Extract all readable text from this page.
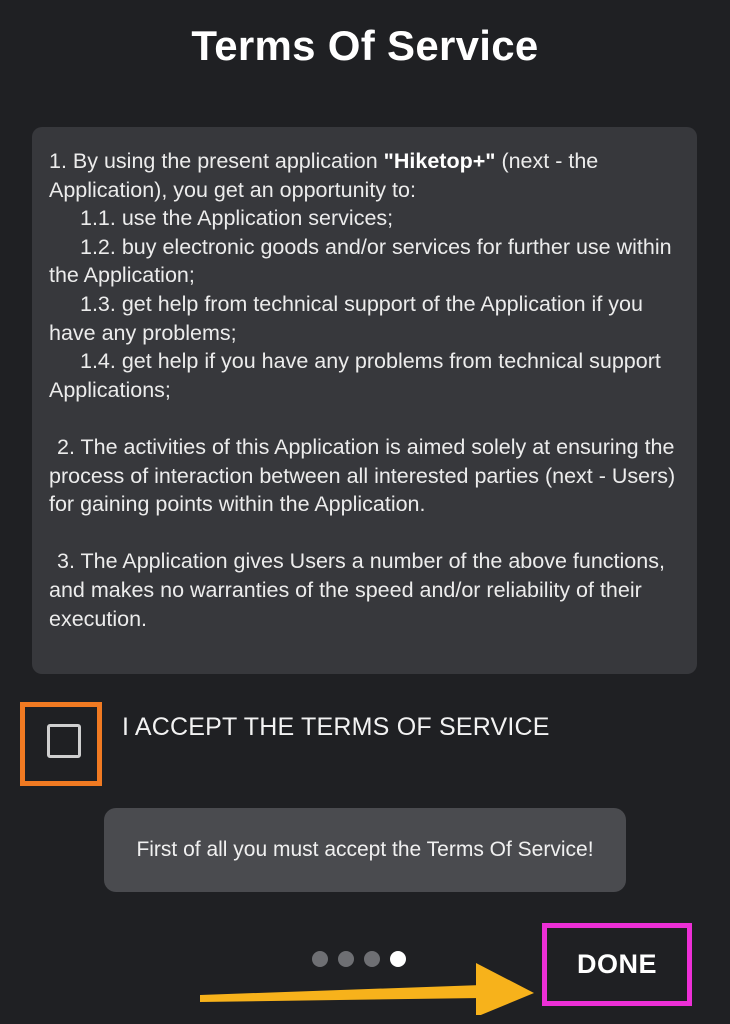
Terms Of Service

1. By using the present application "Hiketop+" (next - the Application), you get an opportunity to:

1.1. use the Application services;

1.2. buy electronic goods and/or services for further use within the Application;

1.3. get help from technical support of the Application if you have any problems;

1.4. get help if you have any problems from technical support Applications;

2. The activities of this Application is aimed solely at ensuring the process of interaction between all interested parties (next - Users) for gaining points within the Application.

3. The Application gives Users a number of the above functions, and makes no warranties of the speed and/or reliability of their execution.

I ACCEPT THE TERMS OF SERVICE
First of all you must accept the Terms Of Service!
DONE
